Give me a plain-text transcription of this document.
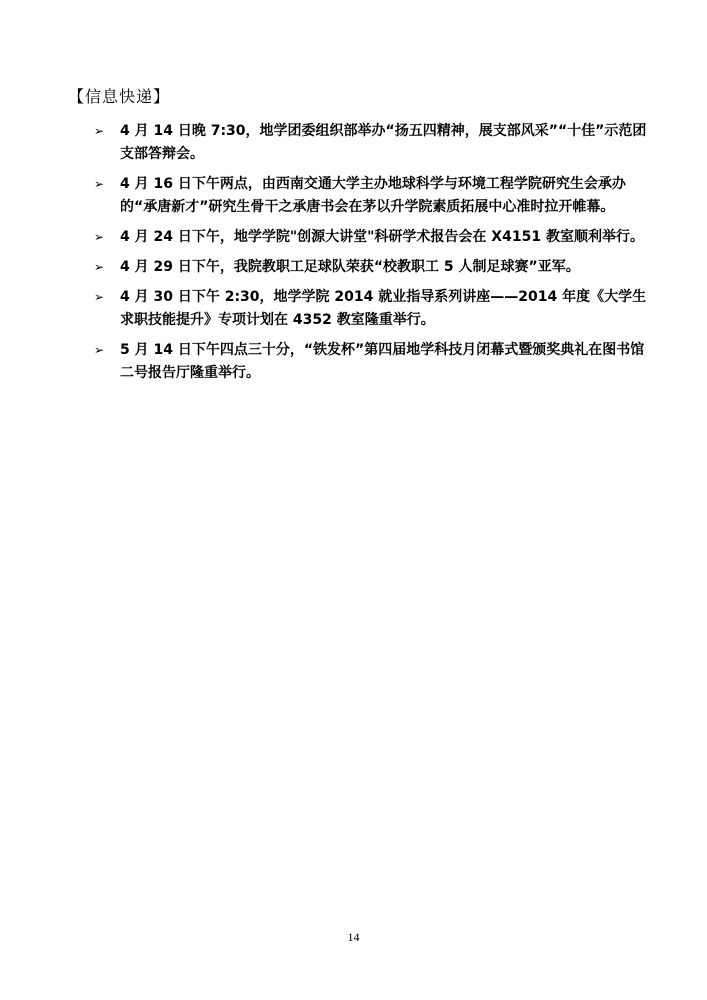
【信息快递】
➢ 4 月 14 日晚 7:30，地学团委组织部举办“扬五四精神，展支部风采”“十佳”示范团支部答辩会。
➢ 4 月 16 日下午两点，由西南交通大学主办地球科学与环境工程学院研究生会承办的“承唐新才”研究生骨干之承唐书会在茅以升学院素质拓展中心准时拉开帷幕。
➢ 4 月 24 日下午，地学学院"创源大讲堂"科研学术报告会在 X4151 教室顺利举行。
➢ 4 月 29 日下午，我院教职工足球队荣获“校教职工 5 人制足球赛”亚军。
➢ 4 月 30 日下午 2:30，地学学院 2014 就业指导系列讲座——2014 年度《大学生求职技能提升》专项计划在 4352 教室隆重举行。
➢ 5 月 14 日下午四点三十分，“铁发杯”第四届地学科技月闭幕式暨颁奖典礼在图书馆二号报告厅隆重举行。
14
